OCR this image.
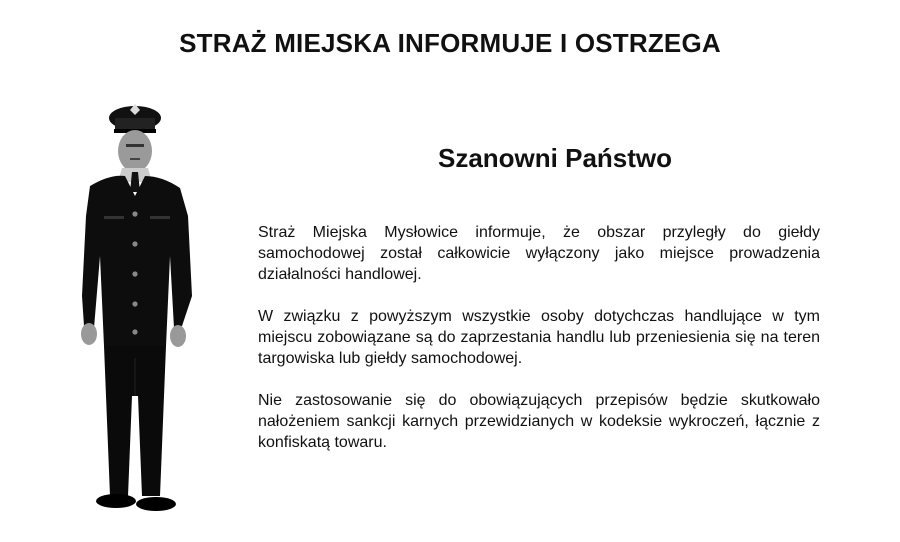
STRAŻ MIEJSKA INFORMUJE I OSTRZEGA
Szanowni Państwo

Straż Miejska Mysłowice informuje, że obszar przyległy do giełdy samochodowej został całkowicie wyłączony jako miejsce prowadzenia działalności handlowej.

W związku z powyższym wszystkie osoby dotychczas handlujące w tym miejscu zobowiązane są do zaprzestania handlu lub przeniesienia się na teren targowiska lub giełdy samochodowej.

Nie zastosowanie się do obowiązujących przepisów będzie skutkowało nałożeniem sankcji karnych przewidzianych w kodeksie wykroczeń, łącznie z konfiskatą towaru.
